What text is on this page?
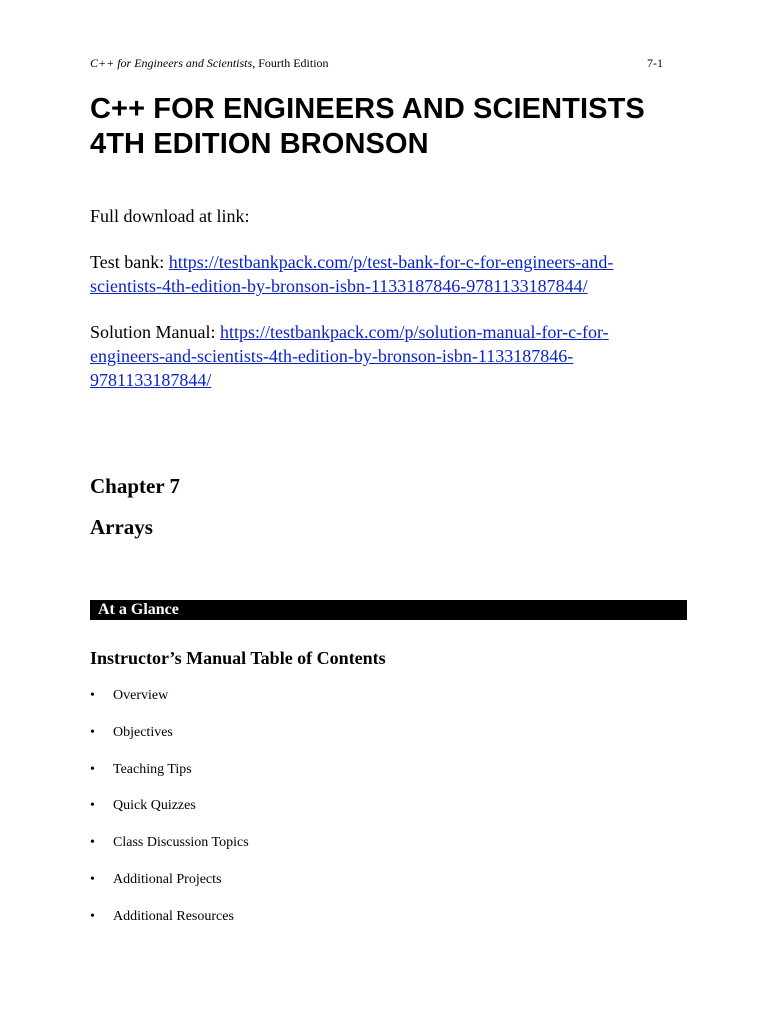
C++ for Engineers and Scientists, Fourth Edition	7-1
C++ FOR ENGINEERS AND SCIENTISTS
4TH EDITION BRONSON

Full download at link:

Test bank: https://testbankpack.com/p/test-bank-for-c-for-engineers-and-
scientists-4th-edition-by-bronson-isbn-1133187846-9781133187844/

Solution Manual: https://testbankpack.com/p/solution-manual-for-c-for-
engineers-and-scientists-4th-edition-by-bronson-isbn-1133187846-
9781133187844/

Chapter 7
Arrays
At a Glance
Instructor’s Manual Table of Contents
•	Overview
•	Objectives
•	Teaching Tips
•	Quick Quizzes
•	Class Discussion Topics
•	Additional Projects
•	Additional Resources
